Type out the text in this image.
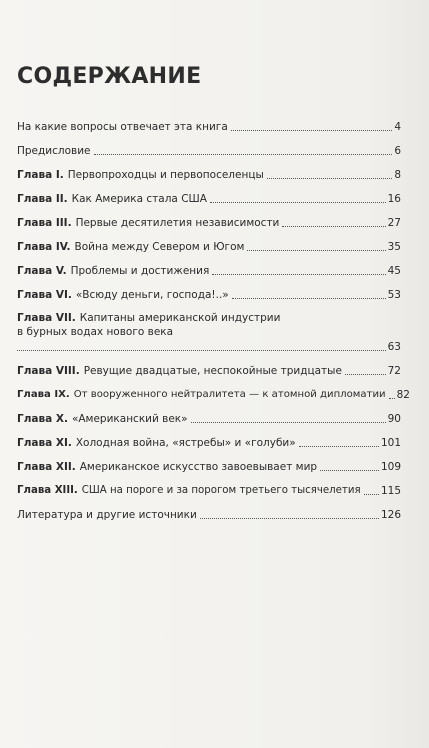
СОДЕРЖАНИЕ
На какие вопросы отвечает эта книга	4
Предисловие	6
Глава I. Первопроходцы и первопоселенцы	8
Глава II. Как Америка стала США	16
Глава III. Первые десятилетия независимости	27
Глава IV. Война между Севером и Югом	35
Глава V. Проблемы и достижения	45
Глава VI. «Всюду деньги, господа!..»	53
Глава VII. Капитаны американской индустрии
в бурных водах нового века
63
Глава VIII. Ревущие двадцатые, неспокойные тридцатые	72
Глава IX. От вооруженного нейтралитета — к атомной дипломатии 82
Глава X. «Американский век»	90
Глава XI. Холодная война, «ястребы» и «голуби»	101
Глава XII. Американское искусство завоевывает мир	109
Глава XIII. США на пороге и за порогом третьего тысячелетия 115
Литература и другие источники	126
